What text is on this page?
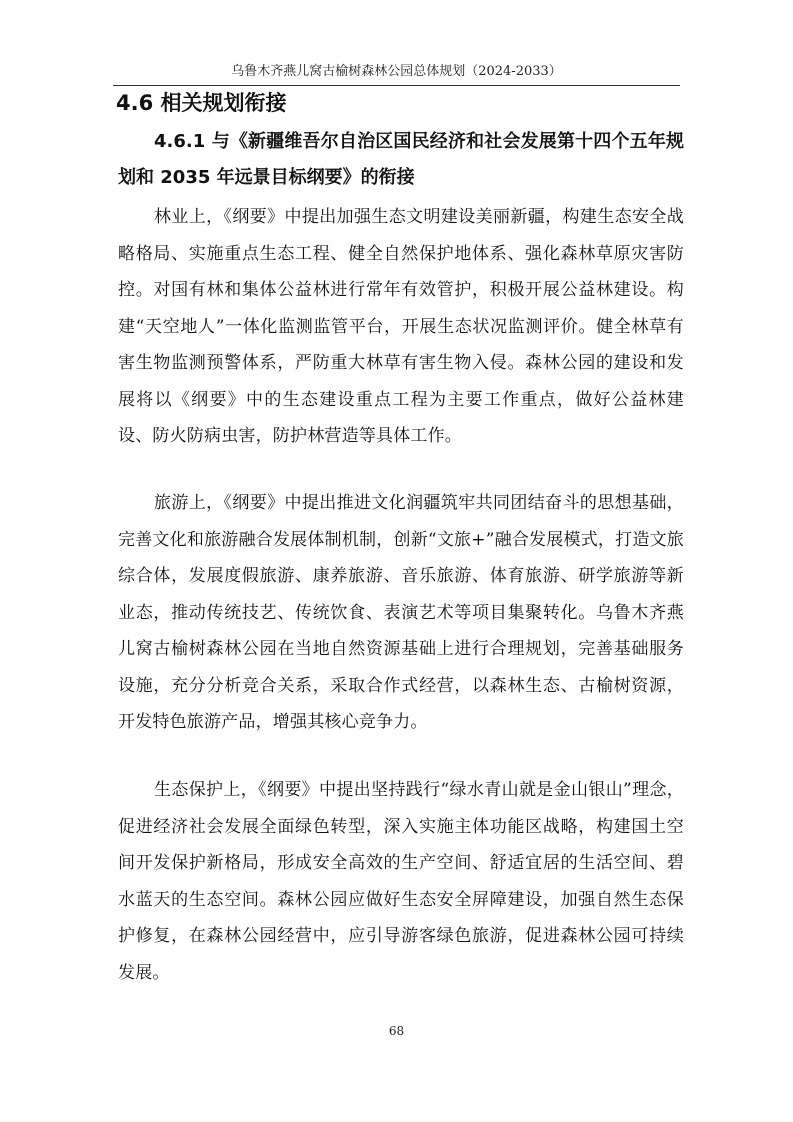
乌鲁木齐燕儿窝古榆树森林公园总体规划（2024-2033）
4.6 相关规划衔接
4.6.1 与《新疆维吾尔自治区国民经济和社会发展第十四个五年规划和 2035 年远景目标纲要》的衔接

林业上，《纲要》中提出加强生态文明建设美丽新疆，构建生态安全战略格局、实施重点生态工程、健全自然保护地体系、强化森林草原灾害防控。对国有林和集体公益林进行常年有效管护，积极开展公益林建设。构建“天空地人”一体化监测监管平台，开展生态状况监测评价。健全林草有害生物监测预警体系，严防重大林草有害生物入侵。森林公园的建设和发展将以《纲要》中的生态建设重点工程为主要工作重点，做好公益林建设、防火防病虫害，防护林营造等具体工作。

旅游上，《纲要》中提出推进文化润疆筑牢共同团结奋斗的思想基础，完善文化和旅游融合发展体制机制，创新“文旅+”融合发展模式，打造文旅综合体，发展度假旅游、康养旅游、音乐旅游、体育旅游、研学旅游等新业态，推动传统技艺、传统饮食、表演艺术等项目集聚转化。乌鲁木齐燕儿窝古榆树森林公园在当地自然资源基础上进行合理规划，完善基础服务设施，充分分析竞合关系，采取合作式经营，以森林生态、古榆树资源，开发特色旅游产品，增强其核心竞争力。

生态保护上，《纲要》中提出坚持践行“绿水青山就是金山银山”理念，促进经济社会发展全面绿色转型，深入实施主体功能区战略，构建国土空间开发保护新格局，形成安全高效的生产空间、舒适宜居的生活空间、碧水蓝天的生态空间。森林公园应做好生态安全屏障建设，加强自然生态保护修复，在森林公园经营中，应引导游客绿色旅游，促进森林公园可持续发展。

68
